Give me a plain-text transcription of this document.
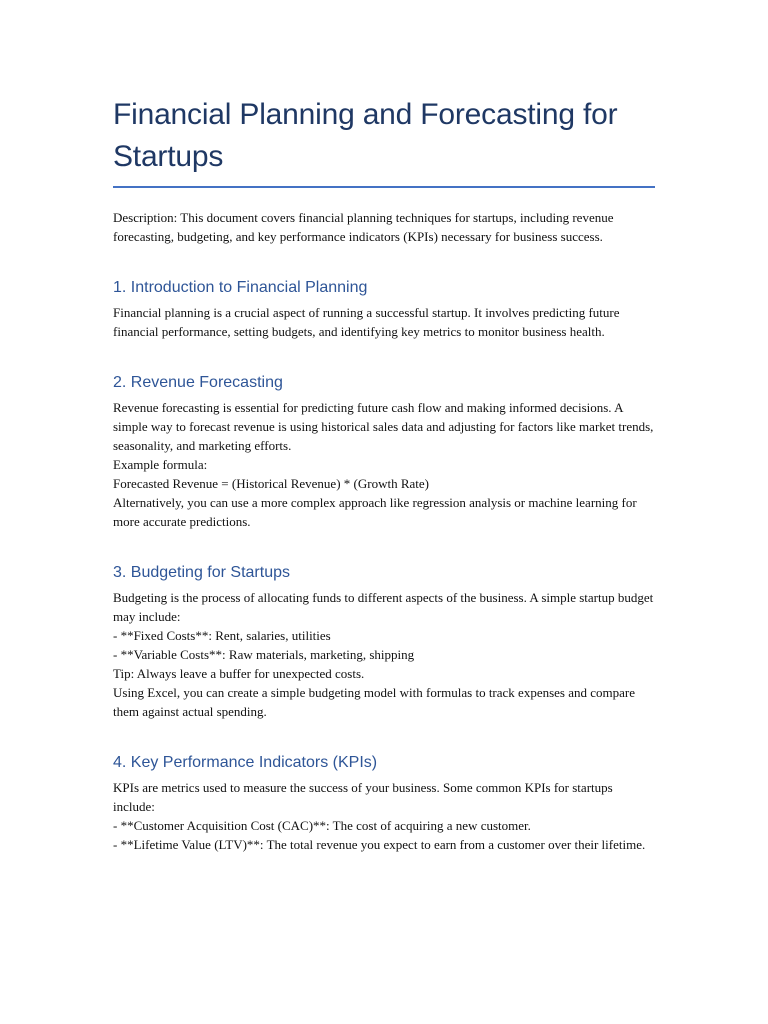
Financial Planning and Forecasting for Startups

Description: This document covers financial planning techniques for startups, including revenue forecasting, budgeting, and key performance indicators (KPIs) necessary for business success.

1. Introduction to Financial Planning

Financial planning is a crucial aspect of running a successful startup. It involves predicting future financial performance, setting budgets, and identifying key metrics to monitor business health.

2. Revenue Forecasting

Revenue forecasting is essential for predicting future cash flow and making informed decisions. A simple way to forecast revenue is using historical sales data and adjusting for factors like market trends, seasonality, and marketing efforts.
Example formula:
Forecasted Revenue = (Historical Revenue) * (Growth Rate)
Alternatively, you can use a more complex approach like regression analysis or machine learning for more accurate predictions.

3. Budgeting for Startups

Budgeting is the process of allocating funds to different aspects of the business. A simple startup budget may include:
- **Fixed Costs**: Rent, salaries, utilities
- **Variable Costs**: Raw materials, marketing, shipping
Tip: Always leave a buffer for unexpected costs.
Using Excel, you can create a simple budgeting model with formulas to track expenses and compare them against actual spending.

4. Key Performance Indicators (KPIs)

KPIs are metrics used to measure the success of your business. Some common KPIs for startups include:
- **Customer Acquisition Cost (CAC)**: The cost of acquiring a new customer.
- **Lifetime Value (LTV)**: The total revenue you expect to earn from a customer over their lifetime.
